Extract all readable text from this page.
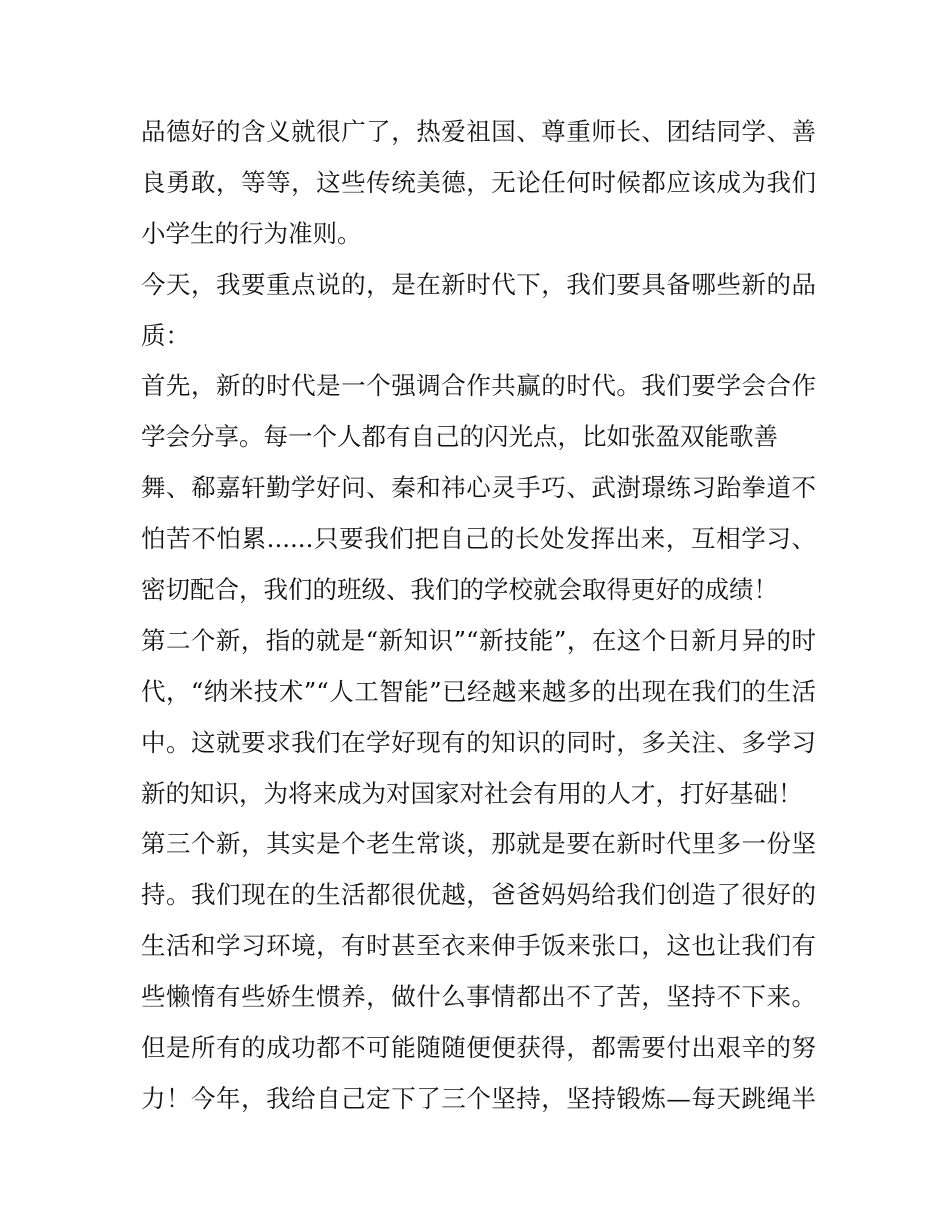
品德好的含义就很广了，热爱祖国、尊重师长、团结同学、善
良勇敢，等等，这些传统美德，无论任何时候都应该成为我们
小学生的行为准则。
今天，我要重点说的，是在新时代下，我们要具备哪些新的品
质：
首先，新的时代是一个强调合作共赢的时代。我们要学会合作
学会分享。每一个人都有自己的闪光点，比如张盈双能歌善
舞、郗嘉轩勤学好问、秦和祎心灵手巧、武澍璟练习跆拳道不
怕苦不怕累......只要我们把自己的长处发挥出来，互相学习、
密切配合，我们的班级、我们的学校就会取得更好的成绩！
第二个新，指的就是“新知识”“新技能”，在这个日新月异的时
代，“纳米技术”“人工智能”已经越来越多的出现在我们的生活
中。这就要求我们在学好现有的知识的同时，多关注、多学习
新的知识，为将来成为对国家对社会有用的人才，打好基础！
第三个新，其实是个老生常谈，那就是要在新时代里多一份坚
持。我们现在的生活都很优越，爸爸妈妈给我们创造了很好的
生活和学习环境，有时甚至衣来伸手饭来张口，这也让我们有
些懒惰有些娇生惯养，做什么事情都出不了苦，坚持不下来。
但是所有的成功都不可能随随便便获得，都需要付出艰辛的努
力！今年，我给自己定下了三个坚持，坚持锻炼—每天跳绳半
